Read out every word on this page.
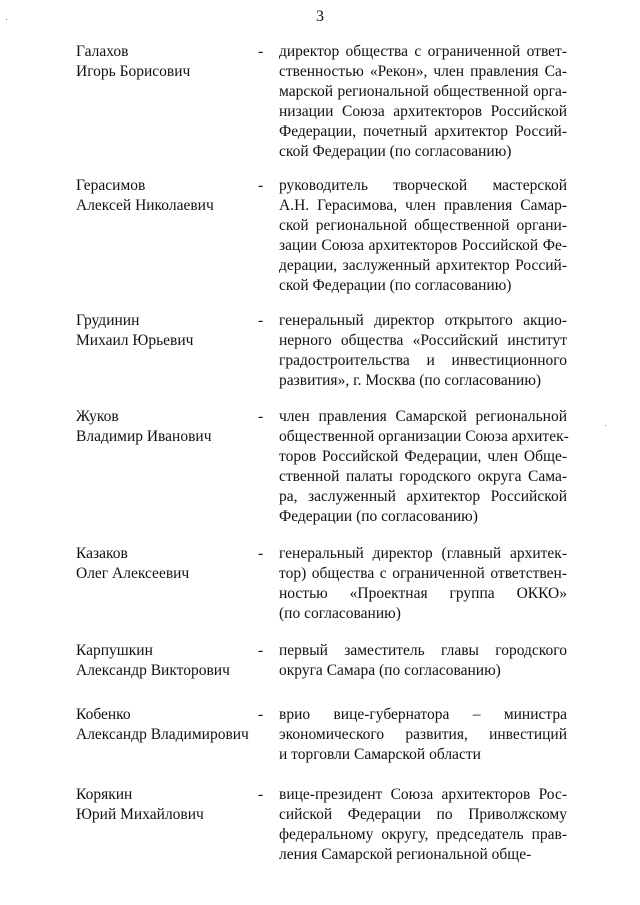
3
Галахов
Игорь Борисович
- директор общества с ограниченной ответ-
ственностью «Рекон», член правления Са-
марской региональной общественной орга-
низации Союза архитекторов Российской
Федерации, почетный архитектор Россий-
ской Федерации (по согласованию)
Герасимов
Алексей Николаевич
- руководитель творческой мастерской
А.Н. Герасимова, член правления Самар-
ской региональной общественной органи-
зации Союза архитекторов Российской Фе-
дерации, заслуженный архитектор Россий-
ской Федерации (по согласованию)
Грудинин
Михаил Юрьевич
- генеральный директор открытого акцио-
нерного общества «Российский институт
градостроительства и инвестиционного
развития», г. Москва (по согласованию)
Жуков
Владимир Иванович
- член правления Самарской региональной
общественной организации Союза архитек-
торов Российской Федерации, член Обще-
ственной палаты городского округа Сама-
ра, заслуженный архитектор Российской
Федерации (по согласованию)
Казаков
Олег Алексеевич
- генеральный директор (главный архитек-
тор) общества с ограниченной ответствен-
ностью «Проектная группа ОККО»
(по согласованию)
Карпушкин
Александр Викторович
- первый заместитель главы городского
округа Самара (по согласованию)
Кобенко
Александр Владимирович
- врио вице-губернатора – министра
экономического развития, инвестиций
и торговли Самарской области
Корякин
Юрий Михайлович
- вице-президент Союза архитекторов Рос-
сийской Федерации по Приволжскому
федеральному округу, председатель прав-
ления Самарской региональной обще-
